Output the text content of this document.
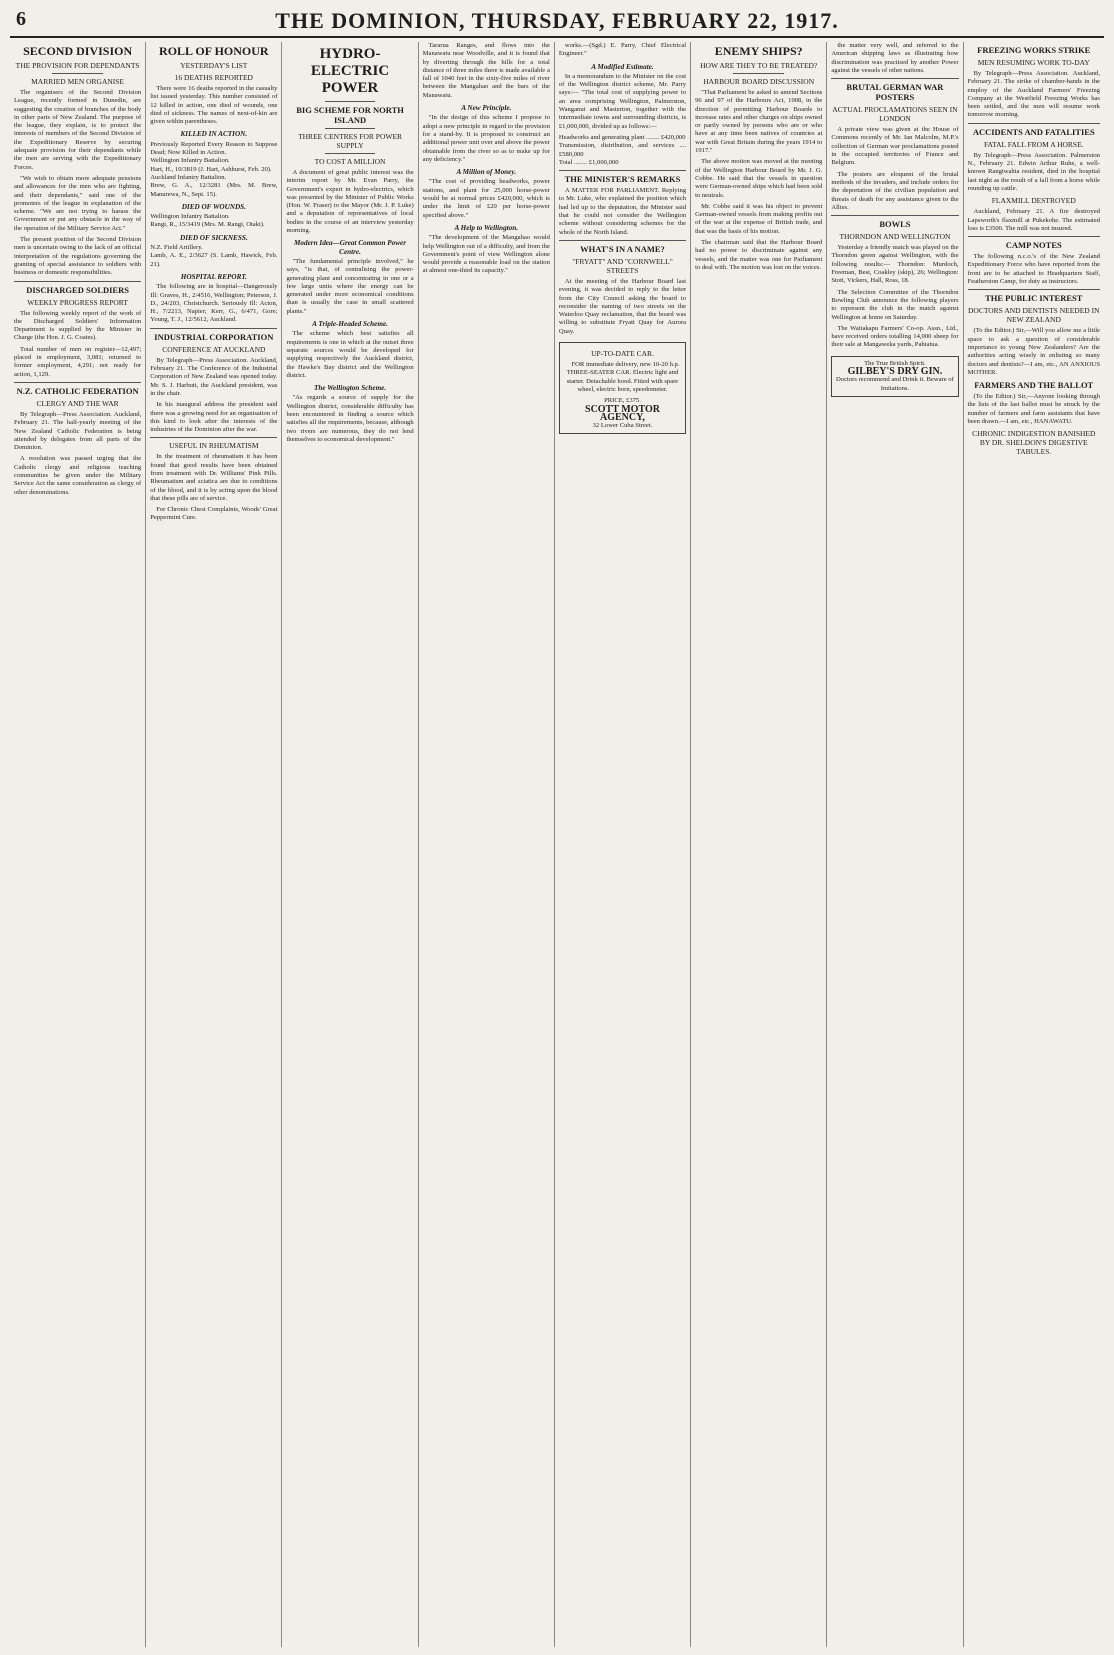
6	THE DOMINION, THURSDAY, FEBRUARY 22, 1917.
SECOND DIVISION
THE PROVISION FOR DEPENDANTS
MARRIED MEN ORGANISE

The organisers of the Second Division League, recently formed in Dunedin, are suggesting the creation of branches of the body in other parts of New Zealand. The purpose of the league, they explain, is to protect the interests of members of the Second Division of the Expeditionary Reserve by securing adequate provision for their dependants while the men are serving with the Expeditionary Forces.

"We wish to obtain more adequate pensions and allowances for the men who are fighting, and their dependants," said one of the promoters of the league in explanation of the scheme. "We are not trying to harass the Government or put any obstacle in the way of the operation of the Military Service Act."

The present position of the Second Division men is uncertain owing to the lack of an official interpretation of the regulations governing the granting of special assistance to soldiers with business or domestic responsibilities.

DISCHARGED SOLDIERS
WEEKLY PROGRESS REPORT

The following weekly report of the work of the Discharged Soldiers' Information Department is supplied by the Minister in Charge (the Hon. J. G. Coates).

Total number of men on register—12,497; placed in employment, 3,081; returned to former employment, 4,291; not ready for action, 1,129.

N.Z. CATHOLIC FEDERATION
CLERGY AND THE WAR

By Telegraph—Press Association. Auckland, February 21. The half-yearly meeting of the New Zealand Catholic Federation is being attended by delegates from all parts of the Dominion.

A resolution was passed urging that the Catholic clergy and religious teaching communities be given under the Military Service Act the same consideration as clergy of other denominations.

ROLL OF HONOUR
YESTERDAY'S LIST
16 DEATHS REPORTED

There were 16 deaths reported in the casualty list issued yesterday. This number consisted of 12 killed in action, one died of wounds, one died of sickness. The names of next-of-kin are given within parentheses.

KILLED IN ACTION.
Previously Reported Every Reason to Suppose Dead; Now Killed in Action.
Wellington Infantry Battalion.
Hart, H., 10/3819 (J. Hart, Ashhurst, Feb. 20).
Auckland Infantry Battalion.
Brew, G. A., 12/3281 (Mrs. M. Brew, Manurewa, N., Sept. 15).
DIED OF WOUNDS.
Wellington Infantry Battalion.
Rangi, R., 15/3419 (Mrs. M. Rangi, Otaki).
DIED OF SICKNESS.
N.Z. Field Artillery.
Lamb, A. E., 2/3627 (S. Lamb, Hawick, Feb. 21).
HOSPITAL REPORT.

The following are in hospital—Dangerously Ill: Graves, H., 2/4516, Wellington; Peterson, J. D., 24/203, Christchurch. Seriously Ill: Acton, H., 7/2213, Napier; Kerr, G., 6/471, Gore; Young, T. J., 12/5612, Auckland.

INDUSTRIAL CORPORATION
CONFERENCE AT AUCKLAND

By Telegraph—Press Association. Auckland, February 21. The Conference of the Industrial Corporation of New Zealand was opened today. Mr. S. J. Harbutt, the Auckland president, was in the chair.

In his inaugural address the president said there was a growing need for an organisation of this kind to look after the interests of the industries of the Dominion after the war.

USEFUL IN RHEUMATISM

In the treatment of rheumatism it has been found that good results have been obtained from treatment with Dr. Williams' Pink Pills. Rheumatism and sciatica are due to conditions of the blood, and it is by acting upon the blood that these pills are of service.

For Chronic Chest Complaints, Woods' Great Peppermint Cure.

HYDRO-ELECTRIC POWER
BIG SCHEME FOR NORTH ISLAND
THREE CENTRES FOR POWER SUPPLY
TO COST A MILLION

A document of great public interest was the interim report by Mr. Evan Parry, the Government's expert in hydro-electrics, which was presented by the Minister of Public Works (Hon. W. Fraser) to the Mayor (Mr. J. P. Luke) and a deputation of representatives of local bodies in the course of an interview yesterday morning.

Modern Idea—Great Common Power Centre.

"The fundamental principle involved," he says, "is that, of centralising the power-generating plant and concentrating in one or a few large units where the energy can be generated under more economical conditions than is usually the case in small scattered plants."

A Triple-Headed Scheme.

The scheme which best satisfies all requirements is one in which at the outset three separate sources would be developed for supplying respectively the Auckland district, the Hawke's Bay district and the Wellington district.

The Wellington Scheme.

"As regards a source of supply for the Wellington district, considerable difficulty has been encountered in finding a source which satisfies all the requirements, because, although two rivers are numerous, they do not lend themselves to economical development."

Tararua Ranges, and flows into the Manawatu near Woodville, and it is found that by diverting through the hills for a total distance of three miles there is made available a fall of 1040 feet in the sixty-five miles of river between the Mangahao and the bars of the Manawatu.

A New Principle.

"In the design of this scheme I propose to adopt a new principle in regard to the provision for a stand-by. It is proposed to construct an additional power unit over and above the power obtainable from the river so as to make up for any deficiency."

A Million of Money.

"The cost of providing headworks, power stations, and plant for 25,000 horse-power would be at normal prices £420,000, which is under the limit of £20 per horse-power specified above."

A Help to Wellington.

"The development of the Mangahao would help Wellington out of a difficulty, and from the Government's point of view Wellington alone would provide a reasonable load on the station at almost one-third its capacity."

works.—(Sgd.) E. Parry, Chief Electrical Engineer."

A Modified Estimate.

In a memorandum to the Minister on the cost of the Wellington district scheme, Mr. Parry says:— "The total cost of supplying power to an area comprising Wellington, Palmerston, Wanganui and Masterton, together with the intermediate towns and surrounding districts, is £1,000,000, divided up as follows:—

Headworks and generating plant ........ £420,000
Transmission, distribution, and services .... £580,000
Total ........ £1,000,000
THE MINISTER'S REMARKS

A MATTER FOR PARLIAMENT. Replying to Mr. Luke, who explained the position which had led up to the deputation, the Minister said that he could not consider the Wellington scheme without considering schemes for the whole of the North Island.

WHAT'S IN A NAME?
"FRYATT" AND "CORNWELL" STREETS

At the meeting of the Harbour Board last evening, it was decided to reply to the letter from the City Council asking the board to reconsider the naming of two streets on the Waterloo Quay reclamation, that the board was willing to substitute Fryatt Quay for Aurora Quay.

UP-TO-DATE CAR.

FOR immediate delivery, new 10-20 h.p. THREE-SEATER CAR. Electric light and starter. Detachable hood. Fitted with spare wheel, electric horn, speedometer.

PRICE, £375.
SCOTT MOTOR AGENCY,
32 Lower Cuba Street.
ENEMY SHIPS?
HOW ARE THEY TO BE TREATED?
HARBOUR BOARD DISCUSSION

"That Parliament be asked to amend Sections 96 and 97 of the Harbours Act, 1908, in the direction of permitting Harbour Boards to increase rates and other charges on ships owned or partly owned by persons who are or who have at any time been natives of countries at war with Great Britain during the years 1914 to 1917."

The above motion was moved at the meeting of the Wellington Harbour Board by Mr. J. G. Cobbe. He said that the vessels in question were German-owned ships which had been sold to neutrals.

Mr. Cobbe said it was his object to prevent German-owned vessels from making profits out of the war at the expense of British trade, and that was the basis of his motion.

The chairman said that the Harbour Board had no power to discriminate against any vessels, and the matter was one for Parliament to deal with. The motion was lost on the voices.

the matter very well, and referred to the American shipping laws as illustrating how discrimination was practised by another Power against the vessels of other nations.

BRUTAL GERMAN WAR POSTERS
ACTUAL PROCLAMATIONS SEEN IN LONDON

A private view was given at the House of Commons recently of Mr. Ian Malcolm, M.P.'s collection of German war proclamations posted in the occupied territories of France and Belgium.

The posters are eloquent of the brutal methods of the invaders, and include orders for the deportation of the civilian population and threats of death for any assistance given to the Allies.

BOWLS
THORNDON AND WELLINGTON

Yesterday a friendly match was played on the Thorndon green against Wellington, with the following results:— Thorndon: Murdoch, Freeman, Best, Coakley (skip), 26; Wellington: Stott, Vickers, Hall, Ross, 18.

The Selection Committee of the Thorndon Bowling Club announce the following players to represent the club in the match against Wellington at home on Saturday.

The Waitakapu Farmers' Co-op. Assn., Ltd., have received orders totalling 14,000 sheep for their sale at Mangaweka yards, Pahiatua.

The True British Spirit.
GILBEY'S DRY GIN.
Doctors recommend and Drink it. Beware of Imitations.
FREEZING WORKS STRIKE
MEN RESUMING WORK TO-DAY

By Telegraph—Press Association. Auckland, February 21. The strike of chamber-hands in the employ of the Auckland Farmers' Freezing Company at the Westfield Freezing Works has been settled, and the men will resume work tomorrow morning.

ACCIDENTS AND FATALITIES
FATAL FALL FROM A HORSE.

By Telegraph—Press Association. Palmerston N., February 21. Edwin Arthur Ruhe, a well-known Rangiwahia resident, died in the hospital last night as the result of a fall from a horse while rounding up cattle.

FLAXMILL DESTROYED

Auckland, February 21. A fire destroyed Lapsworth's flaxmill at Pukekohe. The estimated loss is £3500. The mill was not insured.

CAMP NOTES

The following n.c.o.'s of the New Zealand Expeditionary Force who have reported from the front are to be attached to Headquarters Staff, Featherston Camp, for duty as instructors.

THE PUBLIC INTEREST
DOCTORS AND DENTISTS NEEDED IN NEW ZEALAND

(To the Editor.) Sir,—Will you allow me a little space to ask a question of considerable importance to young New Zealanders? Are the authorities acting wisely in enlisting so many doctors and dentists?—I am, etc., AN ANXIOUS MOTHER.

FARMERS AND THE BALLOT

(To the Editor.) Sir,—Anyone looking through the lists of the last ballot must be struck by the number of farmers and farm assistants that have been drawn.—I am, etc., HANAWATU.

CHRONIC INDIGESTION BANISHED BY DR. SHELDON'S DIGESTIVE TABULES.
